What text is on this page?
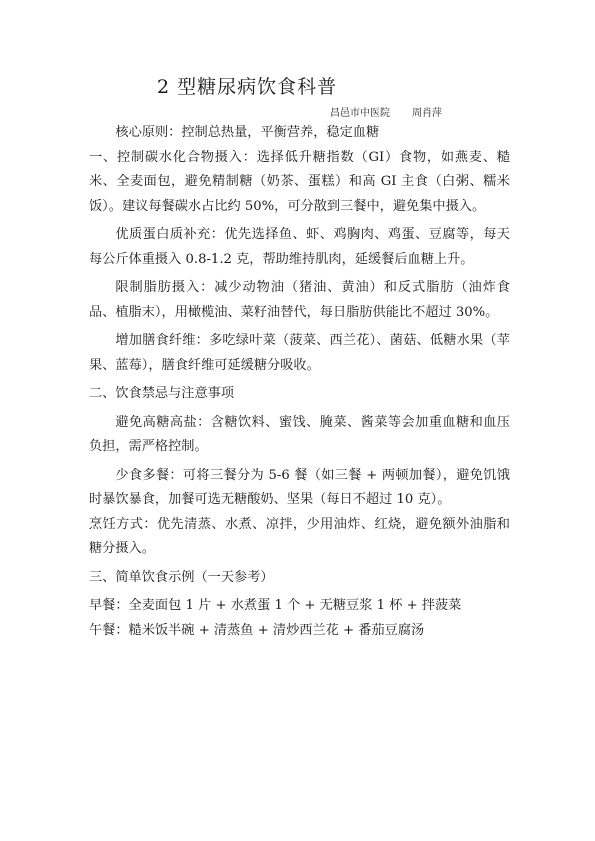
2 型糖尿病饮食科普
昌邑市中医院 周肖萍

核心原则：控制总热量，平衡营养，稳定血糖

一、控制碳水化合物摄入：选择低升糖指数（GI）食物，如燕麦、糙米、全麦面包，避免精制糖（奶茶、蛋糕）和高 GI 主食（白粥、糯米饭）。建议每餐碳水占比约 50%，可分散到三餐中，避免集中摄入。

优质蛋白质补充：优先选择鱼、虾、鸡胸肉、鸡蛋、豆腐等，每天每公斤体重摄入 0.8-1.2 克，帮助维持肌肉，延缓餐后血糖上升。

限制脂肪摄入：减少动物油（猪油、黄油）和反式脂肪（油炸食品、植脂末），用橄榄油、菜籽油替代，每日脂肪供能比不超过 30%。

增加膳食纤维：多吃绿叶菜（菠菜、西兰花）、菌菇、低糖水果（苹果、蓝莓），膳食纤维可延缓糖分吸收。

二、饮食禁忌与注意事项

避免高糖高盐：含糖饮料、蜜饯、腌菜、酱菜等会加重血糖和血压负担，需严格控制。

少食多餐：可将三餐分为 5-6 餐（如三餐 + 两顿加餐），避免饥饿时暴饮暴食，加餐可选无糖酸奶、坚果（每日不超过 10 克）。

烹饪方式：优先清蒸、水煮、凉拌，少用油炸、红烧，避免额外油脂和糖分摄入。

三、简单饮食示例（一天参考）

早餐：全麦面包 1 片 + 水煮蛋 1 个 + 无糖豆浆 1 杯 + 拌菠菜

午餐：糙米饭半碗 + 清蒸鱼 + 清炒西兰花 + 番茄豆腐汤
